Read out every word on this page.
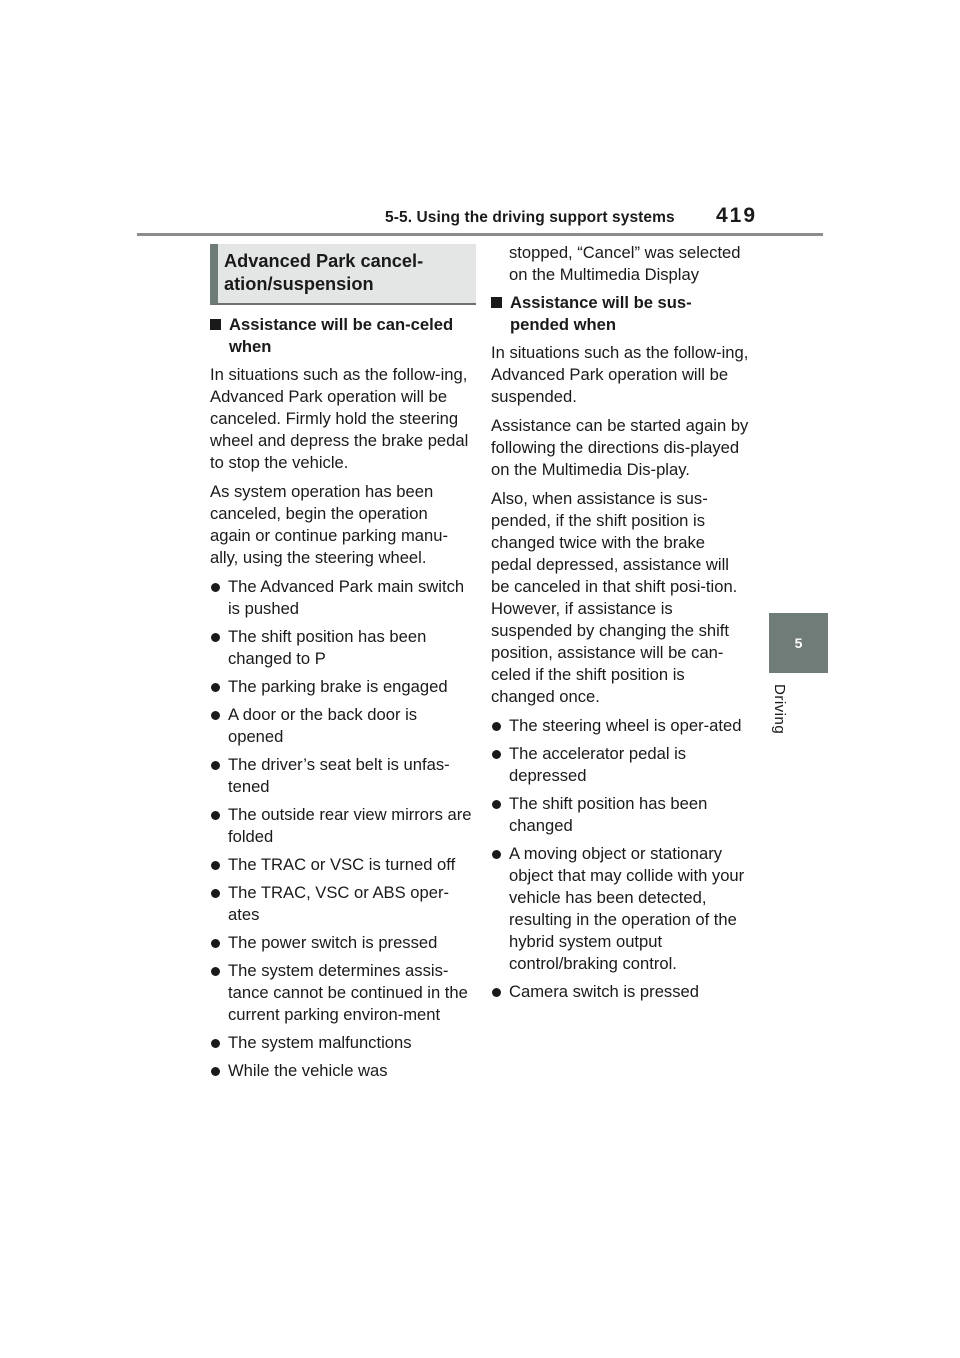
5-5. Using the driving support systems 419
5
Driving
Advanced Park cancel-ation/suspension
Assistance will be can-celed when

In situations such as the follow-ing, Advanced Park operation will be canceled. Firmly hold the steering wheel and depress the brake pedal to stop the vehicle.

As system operation has been canceled, begin the operation again or continue parking manu-ally, using the steering wheel.

The Advanced Park main switch is pushed
The shift position has been changed to P
The parking brake is engaged
A door or the back door is opened
The driver’s seat belt is unfas-tened
The outside rear view mirrors are folded
The TRAC or VSC is turned off
The TRAC, VSC or ABS oper-ates
The power switch is pressed
The system determines assis-tance cannot be continued in the current parking environ-ment
The system malfunctions
While the vehicle was
stopped, “Cancel” was selected on the Multimedia Display
Assistance will be sus-pended when

In situations such as the follow-ing, Advanced Park operation will be suspended.

Assistance can be started again by following the directions dis-played on the Multimedia Dis-play.

Also, when assistance is sus-pended, if the shift position is changed twice with the brake pedal depressed, assistance will be canceled in that shift posi-tion. However, if assistance is suspended by changing the shift position, assistance will be can-celed if the shift position is changed once.

The steering wheel is oper-ated
The accelerator pedal is depressed
The shift position has been changed
A moving object or stationary object that may collide with your vehicle has been detected, resulting in the operation of the hybrid system output control/braking control.
Camera switch is pressed
